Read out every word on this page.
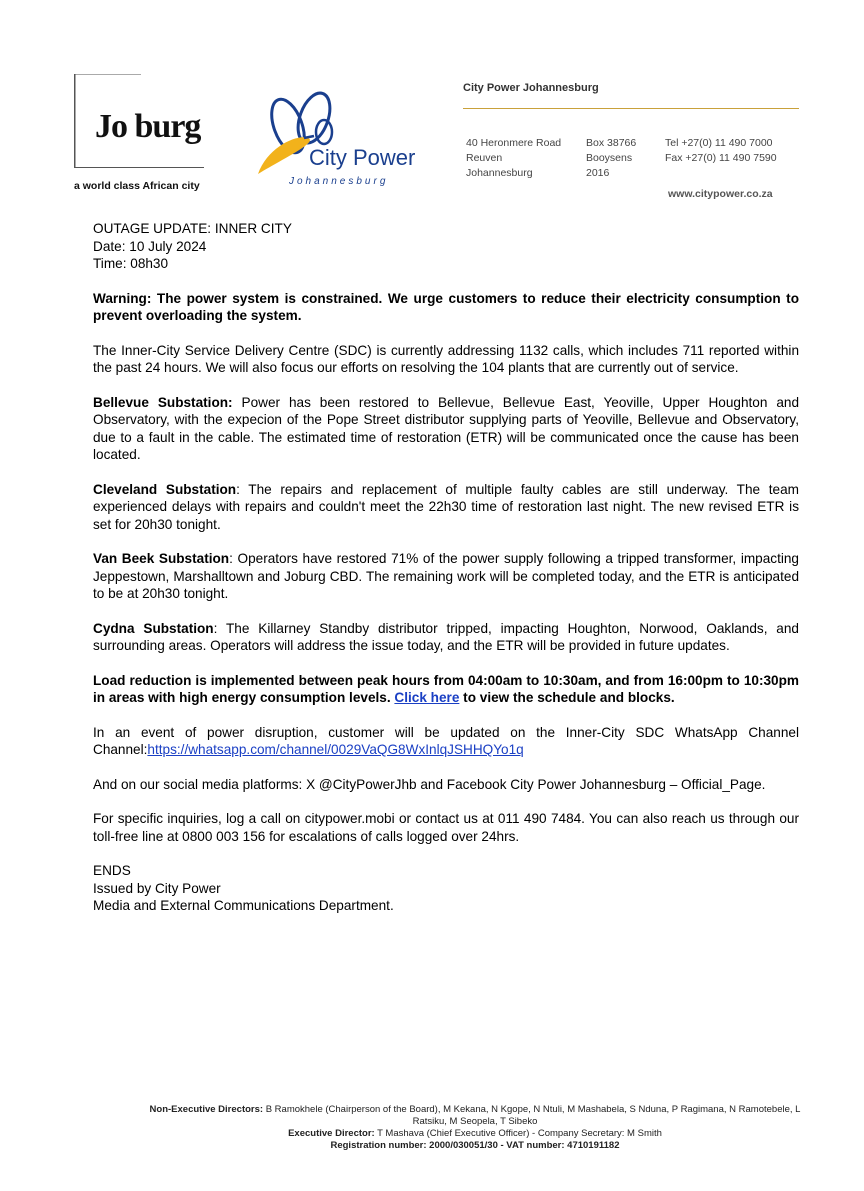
Jo burg
a world class African city
City Power
Johannesburg
City Power Johannesburg
40 Heronmere Road
Reuven
Johannesburg
Box 38766
Booysens
2016
Tel +27(0) 11 490 7000
Fax +27(0) 11 490 7590
www.citypower.co.za
OUTAGE UPDATE: INNER CITY
Date: 10 July 2024
Time: 08h30

Warning: The power system is constrained. We urge customers to reduce their electricity consumption to prevent overloading the system.

The Inner-City Service Delivery Centre (SDC) is currently addressing 1132 calls, which includes 711 reported within the past 24 hours. We will also focus our efforts on resolving the 104 plants that are currently out of service.

Bellevue Substation: Power has been restored to Bellevue, Bellevue East, Yeoville, Upper Houghton and Observatory, with the expecion of the Pope Street distributor supplying parts of Yeoville, Bellevue and Observatory, due to a fault in the cable. The estimated time of restoration (ETR) will be communicated once the cause has been located.

Cleveland Substation: The repairs and replacement of multiple faulty cables are still underway. The team experienced delays with repairs and couldn't meet the 22h30 time of restoration last night. The new revised ETR is set for 20h30 tonight.

Van Beek Substation: Operators have restored 71% of the power supply following a tripped transformer, impacting Jeppestown, Marshalltown and Joburg CBD. The remaining work will be completed today, and the ETR is anticipated to be at 20h30 tonight.

Cydna Substation: The Killarney Standby distributor tripped, impacting Houghton, Norwood, Oaklands, and surrounding areas. Operators will address the issue today, and the ETR will be provided in future updates.

Load reduction is implemented between peak hours from 04:00am to 10:30am, and from 16:00pm to 10:30pm in areas with high energy consumption levels. Click here to view the schedule and blocks.

In an event of power disruption, customer will be updated on the Inner-City SDC WhatsApp Channel Channel:https://whatsapp.com/channel/0029VaQG8WxInlqJSHHQYo1q

And on our social media platforms: X @CityPowerJhb and Facebook City Power Johannesburg – Official_Page.

For specific inquiries, log a call on citypower.mobi or contact us at 011 490 7484. You can also reach us through our toll-free line at 0800 003 156 for escalations of calls logged over 24hrs.

ENDS
Issued by City Power
Media and External Communications Department.
Non-Executive Directors: B Ramokhele (Chairperson of the Board), M Kekana, N Kgope, N Ntuli, M Mashabela, S Nduna, P Ragimana, N Ramotebele, L Ratsiku, M Seopela, T Sibeko
Executive Director: T Mashava (Chief Executive Officer) - Company Secretary: M Smith
Registration number: 2000/030051/30 - VAT number: 4710191182
